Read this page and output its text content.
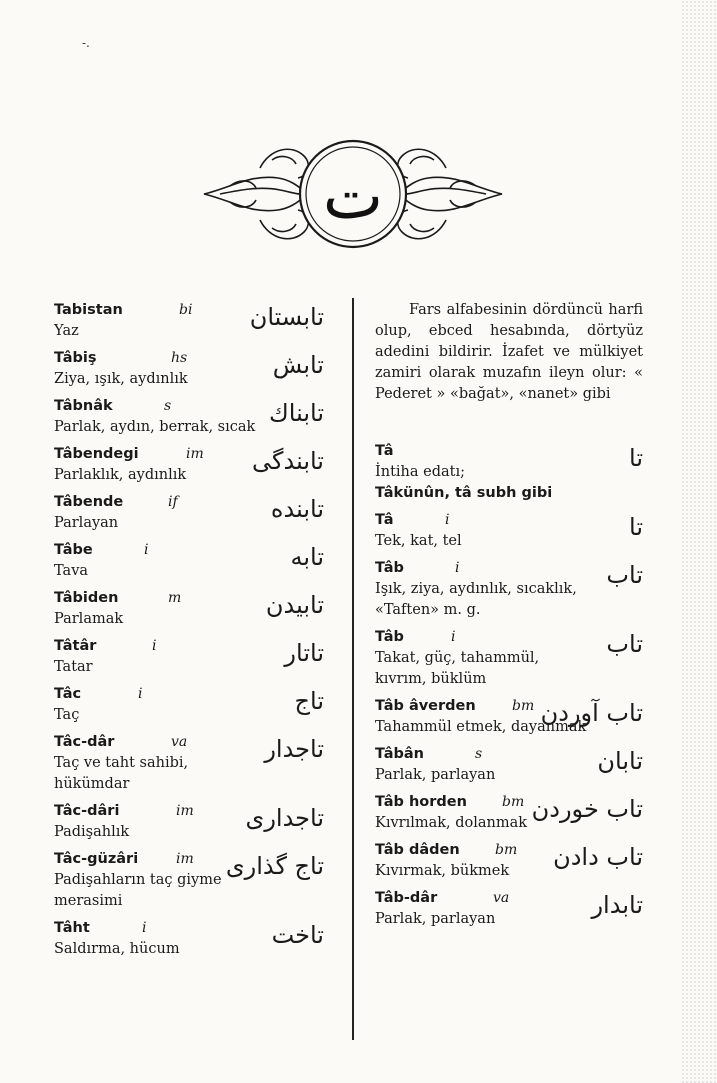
-.
ت
Tabistan	bi
Yaz	تابستان
Tâbiş	hs
Ziya, ışık, aydınlık	تابش
Tâbnâk	s
Parlak, aydın, berrak, sıcak تابناك
Tâbendegi	im
Parlaklık, aydınlık	تابندگی
Tâbende	if
Parlayan	تابنده
Tâbe	i
Tava	تابه
Tâbiden	m
Parlamak	تابیدن
Tâtâr	i
Tatar	تاتار
Tâc	i
Taç	تاج
Tâc-dâr	va
Taç ve taht sahibi, hükümdar
تاجدار
Tâc-dâri	im
Padişahlık	تاجداری
Tâc-güzâri	im
Padişahların taç giyme merasimi
تاج گذاری
Tâht	i
Saldırma, hücum	تاخت

Fars alfabesinin dördüncü harfi olup, ebced hesabında, dörtyüz adedini bildirir. İzafet ve mülkiyet zamiri olarak muzafın ileyn olur: « Pederet » «bağat», «nanet» gibi

Tâ
İntiha edatı;
Tâkünûn, tâ subh gibi
تا
Tâ	i
Tek, kat, tel	تا
Tâb	i
Işık, ziya, aydınlık, sıcaklık, «Taften» m. g.
تاب
Tâb	i
Takat, güç, tahammül, kıvrım, büklüm
تاب
Tâb âverden	bm
Tahammül etmek, dayanmak
تاب آوردن
Tâbân	s
Parlak, parlayan	تابان
Tâb horden	bm
Kıvrılmak, dolanmak تاب خوردن
Tâb dâden	bm
Kıvırmak, bükmek	تاب دادن
Tâb-dâr	va
Parlak, parlayan	تابدار
